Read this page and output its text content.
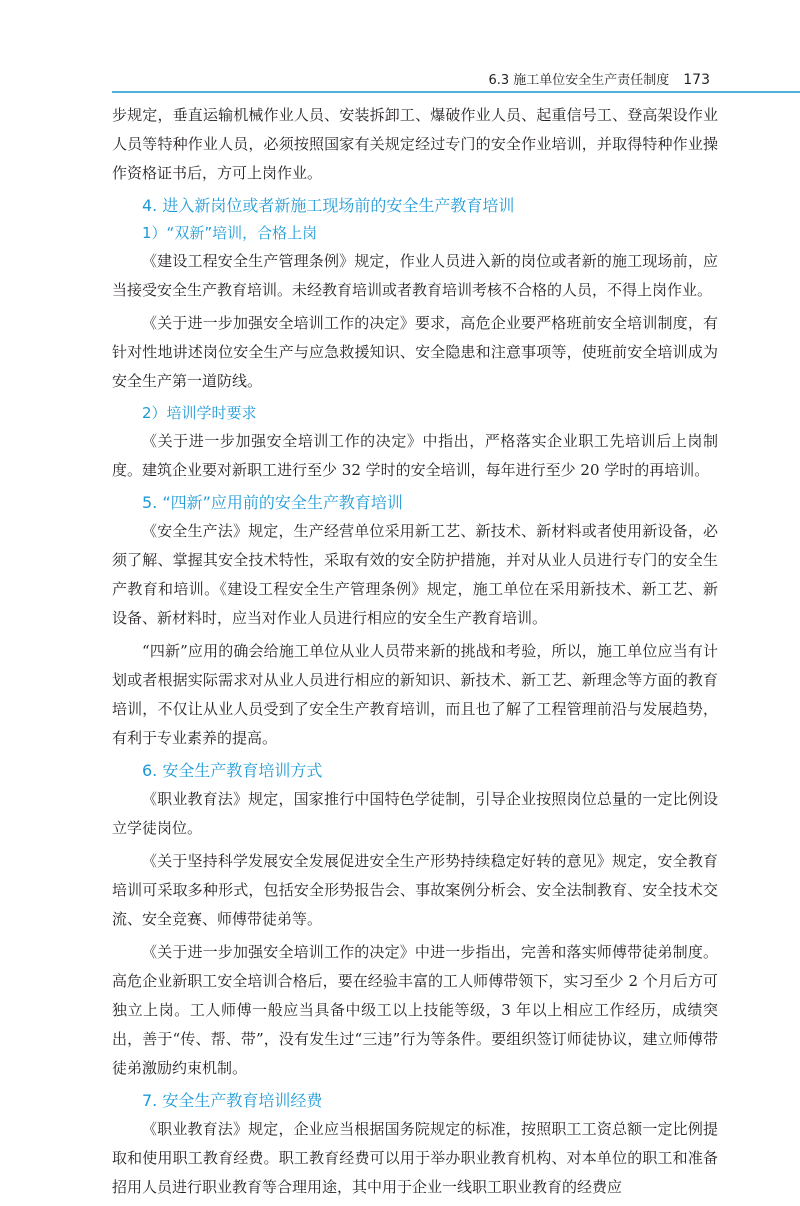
6.3 施工单位安全生产责任制度 173

步规定，垂直运输机械作业人员、安装拆卸工、爆破作业人员、起重信号工、登高架设作业人员等特种作业人员，必须按照国家有关规定经过专门的安全作业培训，并取得特种作业操作资格证书后，方可上岗作业。

4. 进入新岗位或者新施工现场前的安全生产教育培训
1）“双新”培训，合格上岗

《建设工程安全生产管理条例》规定，作业人员进入新的岗位或者新的施工现场前，应当接受安全生产教育培训。未经教育培训或者教育培训考核不合格的人员，不得上岗作业。

《关于进一步加强安全培训工作的决定》要求，高危企业要严格班前安全培训制度，有针对性地讲述岗位安全生产与应急救援知识、安全隐患和注意事项等，使班前安全培训成为安全生产第一道防线。

2）培训学时要求

《关于进一步加强安全培训工作的决定》中指出，严格落实企业职工先培训后上岗制度。建筑企业要对新职工进行至少 32 学时的安全培训，每年进行至少 20 学时的再培训。

5. “四新”应用前的安全生产教育培训

《安全生产法》规定，生产经营单位采用新工艺、新技术、新材料或者使用新设备，必须了解、掌握其安全技术特性，采取有效的安全防护措施，并对从业人员进行专门的安全生产教育和培训。《建设工程安全生产管理条例》规定，施工单位在采用新技术、新工艺、新设备、新材料时，应当对作业人员进行相应的安全生产教育培训。

“四新”应用的确会给施工单位从业人员带来新的挑战和考验，所以，施工单位应当有计划或者根据实际需求对从业人员进行相应的新知识、新技术、新工艺、新理念等方面的教育培训，不仅让从业人员受到了安全生产教育培训，而且也了解了工程管理前沿与发展趋势，有利于专业素养的提高。

6. 安全生产教育培训方式

《职业教育法》规定，国家推行中国特色学徒制，引导企业按照岗位总量的一定比例设立学徒岗位。

《关于坚持科学发展安全发展促进安全生产形势持续稳定好转的意见》规定，安全教育培训可采取多种形式，包括安全形势报告会、事故案例分析会、安全法制教育、安全技术交流、安全竞赛、师傅带徒弟等。

《关于进一步加强安全培训工作的决定》中进一步指出，完善和落实师傅带徒弟制度。高危企业新职工安全培训合格后，要在经验丰富的工人师傅带领下，实习至少 2 个月后方可独立上岗。工人师傅一般应当具备中级工以上技能等级，3 年以上相应工作经历，成绩突出，善于“传、帮、带”，没有发生过“三违”行为等条件。要组织签订师徒协议，建立师傅带徒弟激励约束机制。

7. 安全生产教育培训经费

《职业教育法》规定，企业应当根据国务院规定的标准，按照职工工资总额一定比例提取和使用职工教育经费。职工教育经费可以用于举办职业教育机构、对本单位的职工和准备招用人员进行职业教育等合理用途，其中用于企业一线职工职业教育的经费应
